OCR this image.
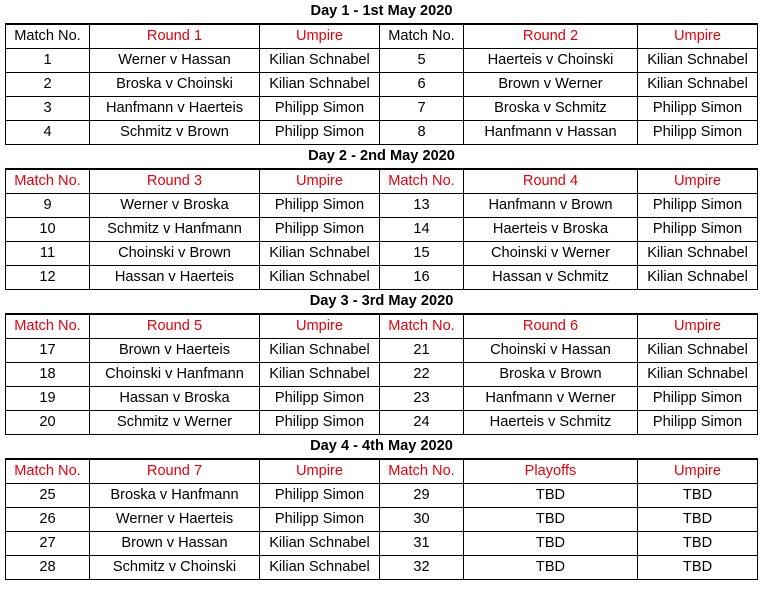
Day 1 - 1st May 2020					
Match No.	Round 1	Umpire	Match No.	Round 2	Umpire
1	Werner v Hassan	Kilian Schnabel	5	Haerteis v Choinski	Kilian Schnabel
2	Broska v Choinski	Kilian Schnabel	6	Brown v Werner	Kilian Schnabel
3	Hanfmann v Haerteis	Philipp Simon	7	Broska v Schmitz	Philipp Simon
4	Schmitz v Brown	Philipp Simon	8	Hanfmann v Hassan	Philipp Simon
Day 2 - 2nd May 2020					
Match No.	Round 3	Umpire	Match No.	Round 4	Umpire
9	Werner v Broska	Philipp Simon	13	Hanfmann v Brown	Philipp Simon
10	Schmitz v Hanfmann	Philipp Simon	14	Haerteis v Broska	Philipp Simon
11	Choinski v Brown	Kilian Schnabel	15	Choinski v Werner	Kilian Schnabel
12	Hassan v Haerteis	Kilian Schnabel	16	Hassan v Schmitz	Kilian Schnabel
Day 3 - 3rd May 2020					
Match No.	Round 5	Umpire	Match No.	Round 6	Umpire
17	Brown v Haerteis	Kilian Schnabel	21	Choinski v Hassan	Kilian Schnabel
18	Choinski v Hanfmann	Kilian Schnabel	22	Broska v Brown	Kilian Schnabel
19	Hassan v Broska	Philipp Simon	23	Hanfmann v Werner	Philipp Simon
20	Schmitz v Werner	Philipp Simon	24	Haerteis v Schmitz	Philipp Simon
Day 4 - 4th May 2020					
Match No.	Round 7	Umpire	Match No.	Playoffs	Umpire
25	Broska v Hanfmann	Philipp Simon	29	TBD	TBD
26	Werner v Haerteis	Philipp Simon	30	TBD	TBD
27	Brown v Hassan	Kilian Schnabel	31	TBD	TBD
28	Schmitz v Choinski	Kilian Schnabel	32	TBD	TBD
